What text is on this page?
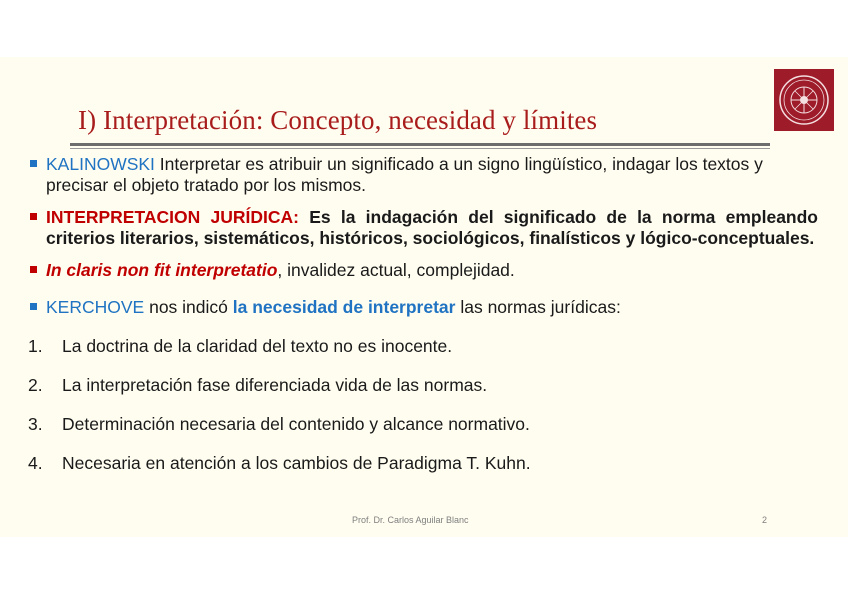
I) Interpretación: Concepto, necesidad y límites
KALINOWSKI Interpretar es atribuir un significado a un signo lingüístico, indagar los textos y precisar el objeto tratado por los mismos.
INTERPRETACION JURÍDICA: Es la indagación del significado de la norma empleando criterios literarios, sistemáticos, históricos, sociológicos, finalísticos y lógico-conceptuales.
In claris non fit interpretatio, invalidez actual, complejidad.
KERCHOVE nos indicó la necesidad de interpretar las normas jurídicas:
1. La doctrina de la claridad del texto no es inocente.
2. La interpretación fase diferenciada vida de las normas.
3. Determinación necesaria del contenido y alcance normativo.
4. Necesaria en atención a los cambios de Paradigma T. Kuhn.
Prof. Dr. Carlos Aguilar Blanc	2
